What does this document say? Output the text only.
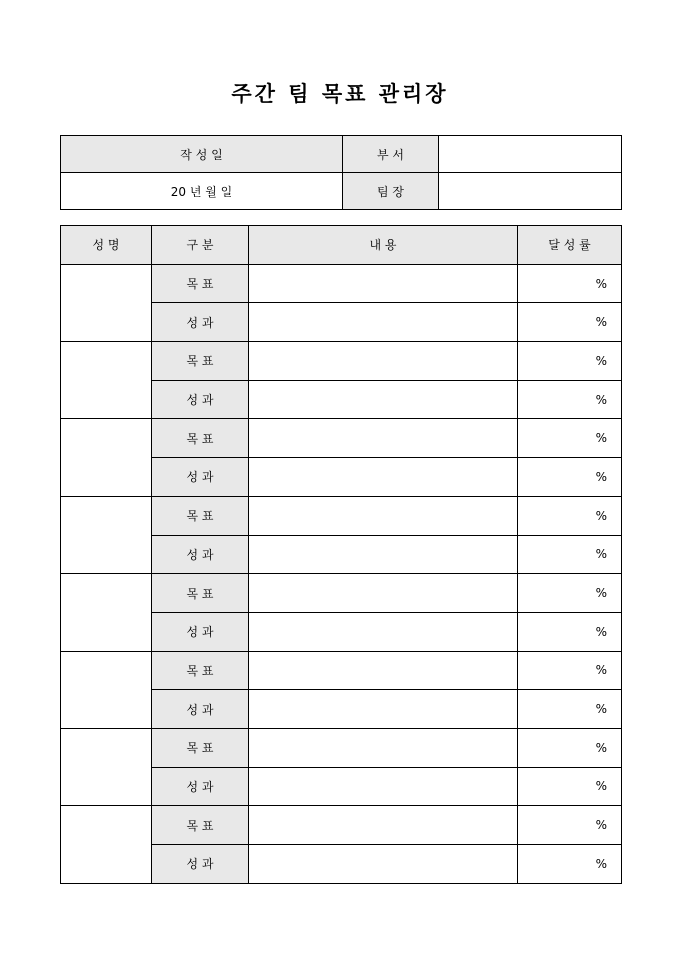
주간 팀 목표 관리장
작 성 일	부 서	
20 년 월 일	팀 장	
성 명	구 분	내 용	달 성 률
	목 표		%
	성 과		%
	목 표		%
	성 과		%
	목 표		%
	성 과		%
	목 표		%
	성 과		%
	목 표		%
	성 과		%
	목 표		%
	성 과		%
	목 표		%
	성 과		%
	목 표		%
	성 과		%
